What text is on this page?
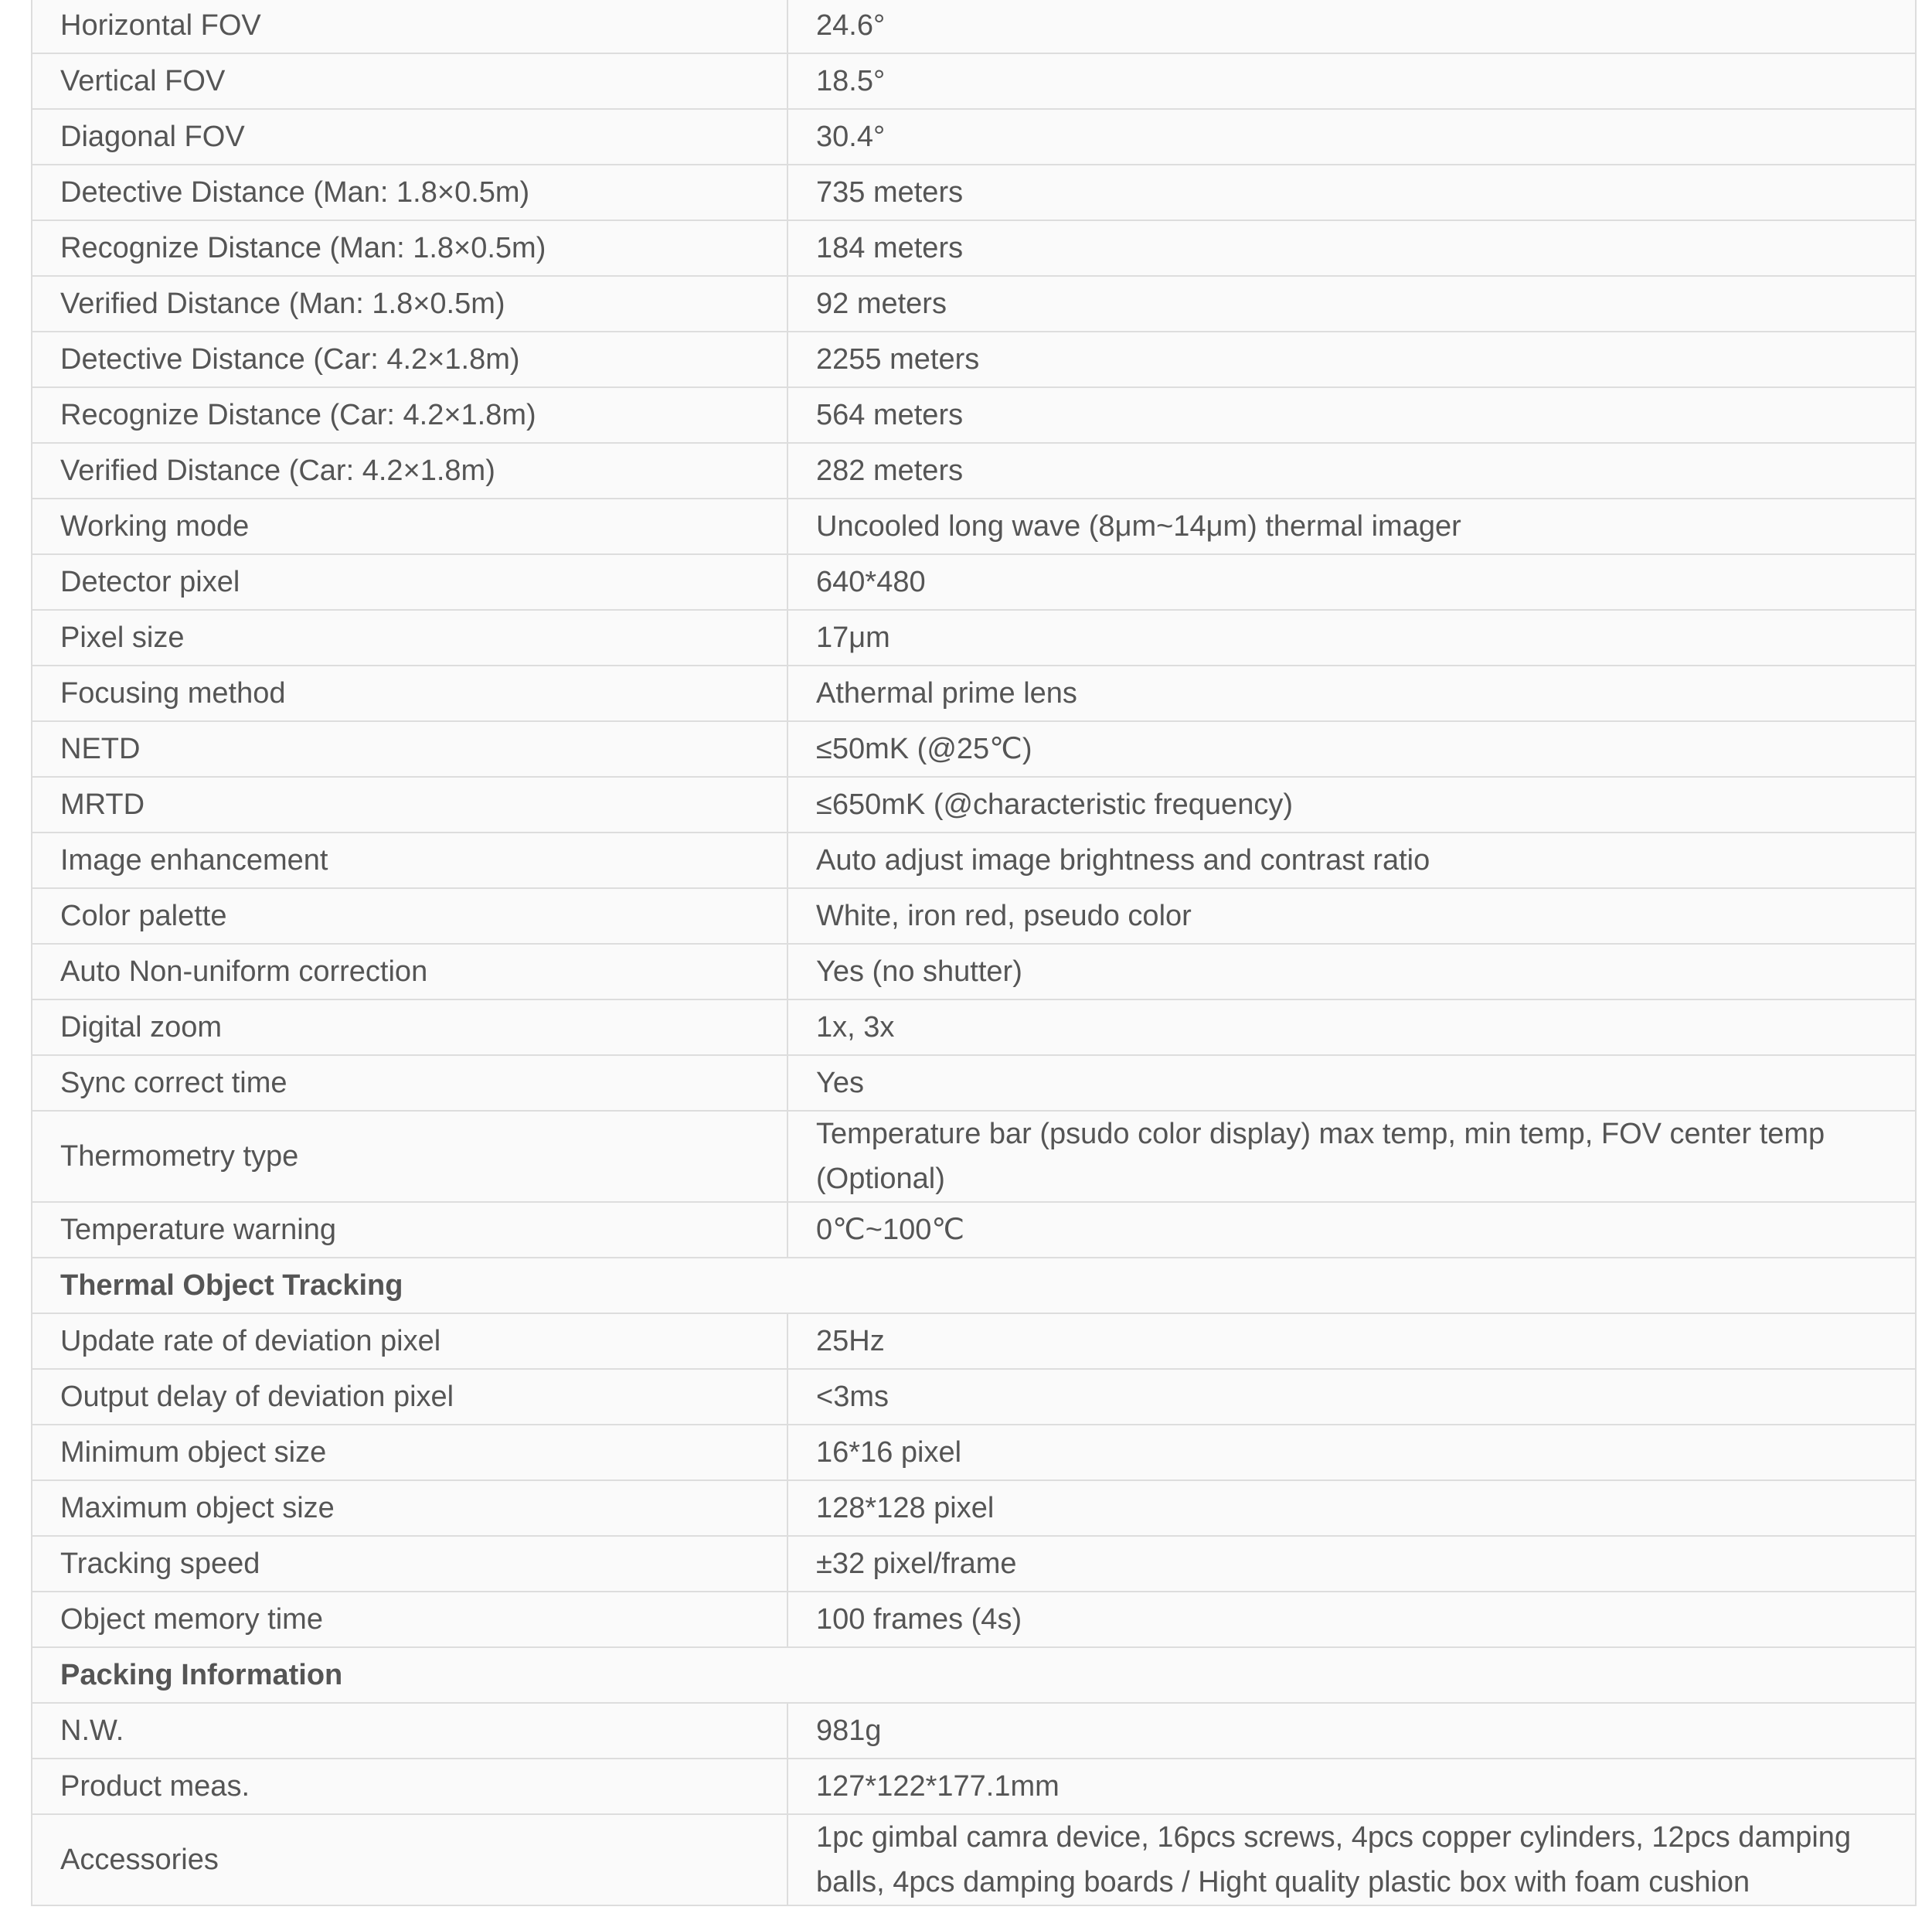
Horizontal FOV	24.6°
Vertical FOV	18.5°
Diagonal FOV	30.4°
Detective Distance (Man: 1.8×0.5m)	735 meters
Recognize Distance (Man: 1.8×0.5m)	184 meters
Verified Distance (Man: 1.8×0.5m)	92 meters
Detective Distance (Car: 4.2×1.8m)	2255 meters
Recognize Distance (Car: 4.2×1.8m)	564 meters
Verified Distance (Car: 4.2×1.8m)	282 meters
Working mode	Uncooled long wave (8μm~14μm) thermal imager
Detector pixel	640*480
Pixel size	17μm
Focusing method	Athermal prime lens
NETD	≤50mK (@25℃)
MRTD	≤650mK (@characteristic frequency)
Image enhancement	Auto adjust image brightness and contrast ratio
Color palette	White, iron red, pseudo color
Auto Non-uniform correction	Yes (no shutter)
Digital zoom	1x, 3x
Sync correct time	Yes
Thermometry type	Temperature bar (psudo color display) max temp, min temp, FOV center temp (Optional)
Temperature warning	0℃~100℃
Thermal Object Tracking	
Update rate of deviation pixel	25Hz
Output delay of deviation pixel	<3ms
Minimum object size	16*16 pixel
Maximum object size	128*128 pixel
Tracking speed	±32 pixel/frame
Object memory time	100 frames (4s)
Packing Information	
N.W.	981g
Product meas.	127*122*177.1mm
Accessories	1pc gimbal camra device, 16pcs screws, 4pcs copper cylinders, 12pcs damping balls, 4pcs damping boards / Hight quality plastic box with foam cushion
